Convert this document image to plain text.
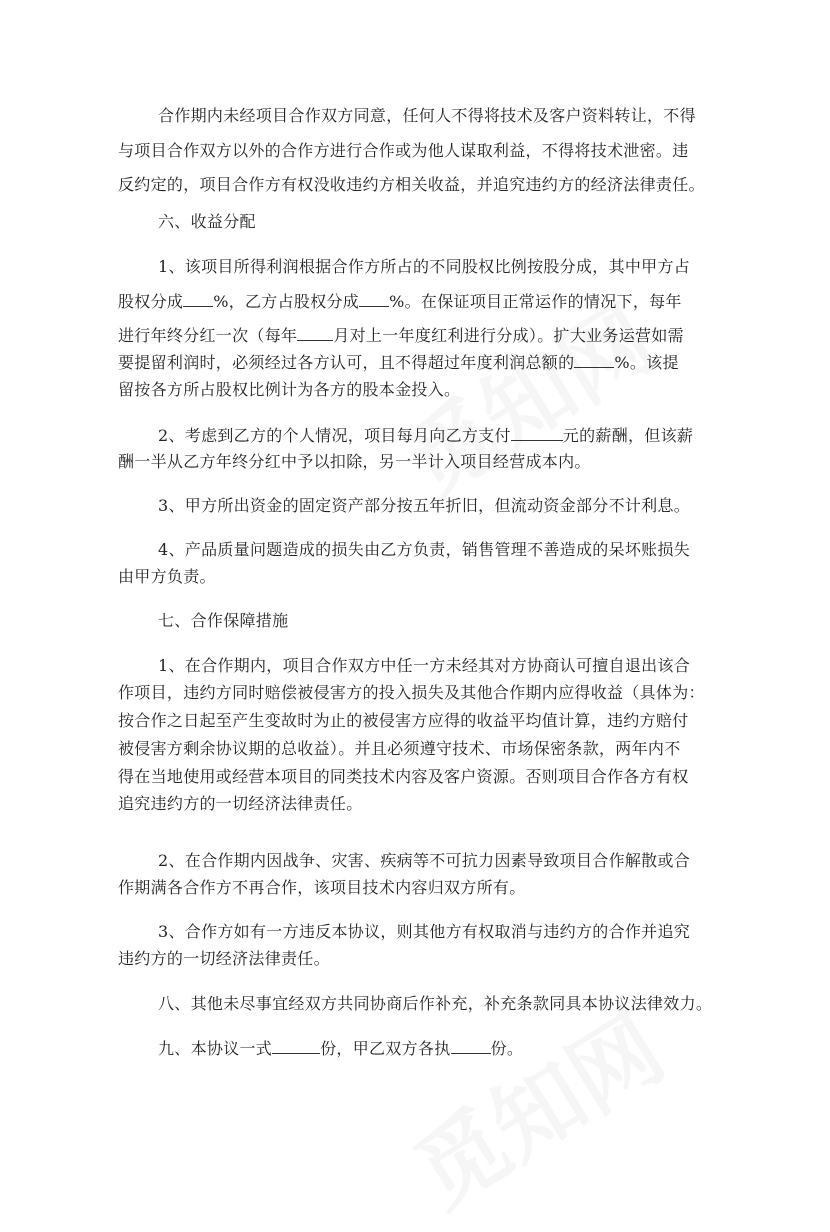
合作期内未经项目合作双方同意，任何人不得将技术及客户资料转让，不得

与项目合作双方以外的合作方进行合作或为他人谋取利益，不得将技术泄密。违

反约定的，项目合作方有权没收违约方相关收益，并追究违约方的经济法律责任。

六、收益分配

1、该项目所得利润根据合作方所占的不同股权比例按股分成，其中甲方占

股权分成 %，乙方占股权分成 %。在保证项目正常运作的情况下，每年

进行年终分红一次（每年 月对上一年度红利进行分成）。扩大业务运营如需

要提留利润时，必须经过各方认可，且不得超过年度利润总额的	%。该提

留按各方所占股权比例计为各方的股本金投入。

2、考虑到乙方的个人情况，项目每月向乙方支付	元的薪酬，但该薪

酬一半从乙方年终分红中予以扣除，另一半计入项目经营成本内。

3、甲方所出资金的固定资产部分按五年折旧，但流动资金部分不计利息。

4、产品质量问题造成的损失由乙方负责，销售管理不善造成的呆坏账损失

由甲方负责。

七、合作保障措施

1、在合作期内，项目合作双方中任一方未经其对方协商认可擅自退出该合

作项目，违约方同时赔偿被侵害方的投入损失及其他合作期内应得收益（具体为：

按合作之日起至产生变故时为止的被侵害方应得的收益平均值计算，违约方赔付

被侵害方剩余协议期的总收益）。并且必须遵守技术、市场保密条款，两年内不

得在当地使用或经营本项目的同类技术内容及客户资源。否则项目合作各方有权

追究违约方的一切经济法律责任。

2、在合作期内因战争、灾害、疾病等不可抗力因素导致项目合作解散或合

作期满各合作方不再合作，该项目技术内容归双方所有。

3、合作方如有一方违反本协议，则其他方有权取消与违约方的合作并追究

违约方的一切经济法律责任。

八、其他未尽事宜经双方共同协商后作补充，补充条款同具本协议法律效力。

九、本协议一式	份，甲乙双方各执	份。
